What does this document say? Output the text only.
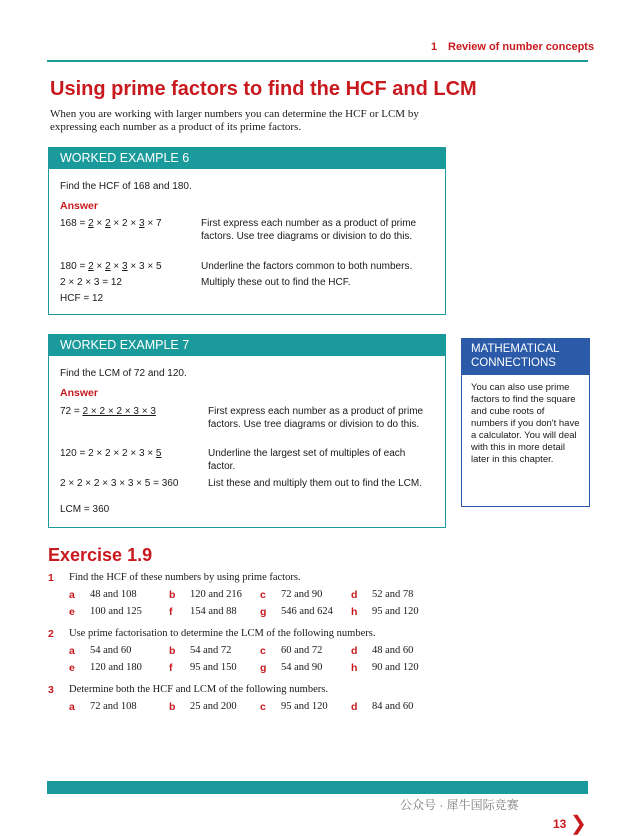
1 Review of number concepts
Using prime factors to find the HCF and LCM
When you are working with larger numbers you can determine the HCF or LCM by expressing each number as a product of its prime factors.
WORKED EXAMPLE 6
Find the HCF of 168 and 180.
Answer
168 = 2 × 2 × 2 × 3 × 7	First express each number as a product of prime factors. Use tree diagrams or division to do this.
180 = 2 × 2 × 3 × 3 × 5	Underline the factors common to both numbers.
2 × 2 × 3 = 12	Multiply these out to find the HCF.
HCF = 12
WORKED EXAMPLE 7
Find the LCM of 72 and 120.
Answer
72 = 2 × 2 × 2 × 3 × 3	First express each number as a product of prime factors. Use tree diagrams or division to do this.
120 = 2 × 2 × 2 × 3 × 5	Underline the largest set of multiples of each factor.
2 × 2 × 2 × 3 × 3 × 5 = 360	List these and multiply them out to find the LCM.
LCM = 360
MATHEMATICAL CONNECTIONS
You can also use prime factors to find the square and cube roots of numbers if you don't have a calculator. You will deal with this in more detail later in this chapter.
Exercise 1.9
1 Find the HCF of these numbers by using prime factors.
a 48 and 108	b 120 and 216 c 72 and 90	d 52 and 78
e 100 and 125	f 154 and 88 g 546 and 624 h 95 and 120
2 Use prime factorisation to determine the LCM of the following numbers.
a 54 and 60	b 54 and 72	c 60 and 72	d 48 and 60
e 120 and 180	f 95 and 150 g 54 and 90	h 90 and 120
3 Determine both the HCF and LCM of the following numbers.
a 72 and 108	b 25 and 200 c 95 and 120 d 84 and 60
公众号 · 犀牛国际竞赛
13 ❯
